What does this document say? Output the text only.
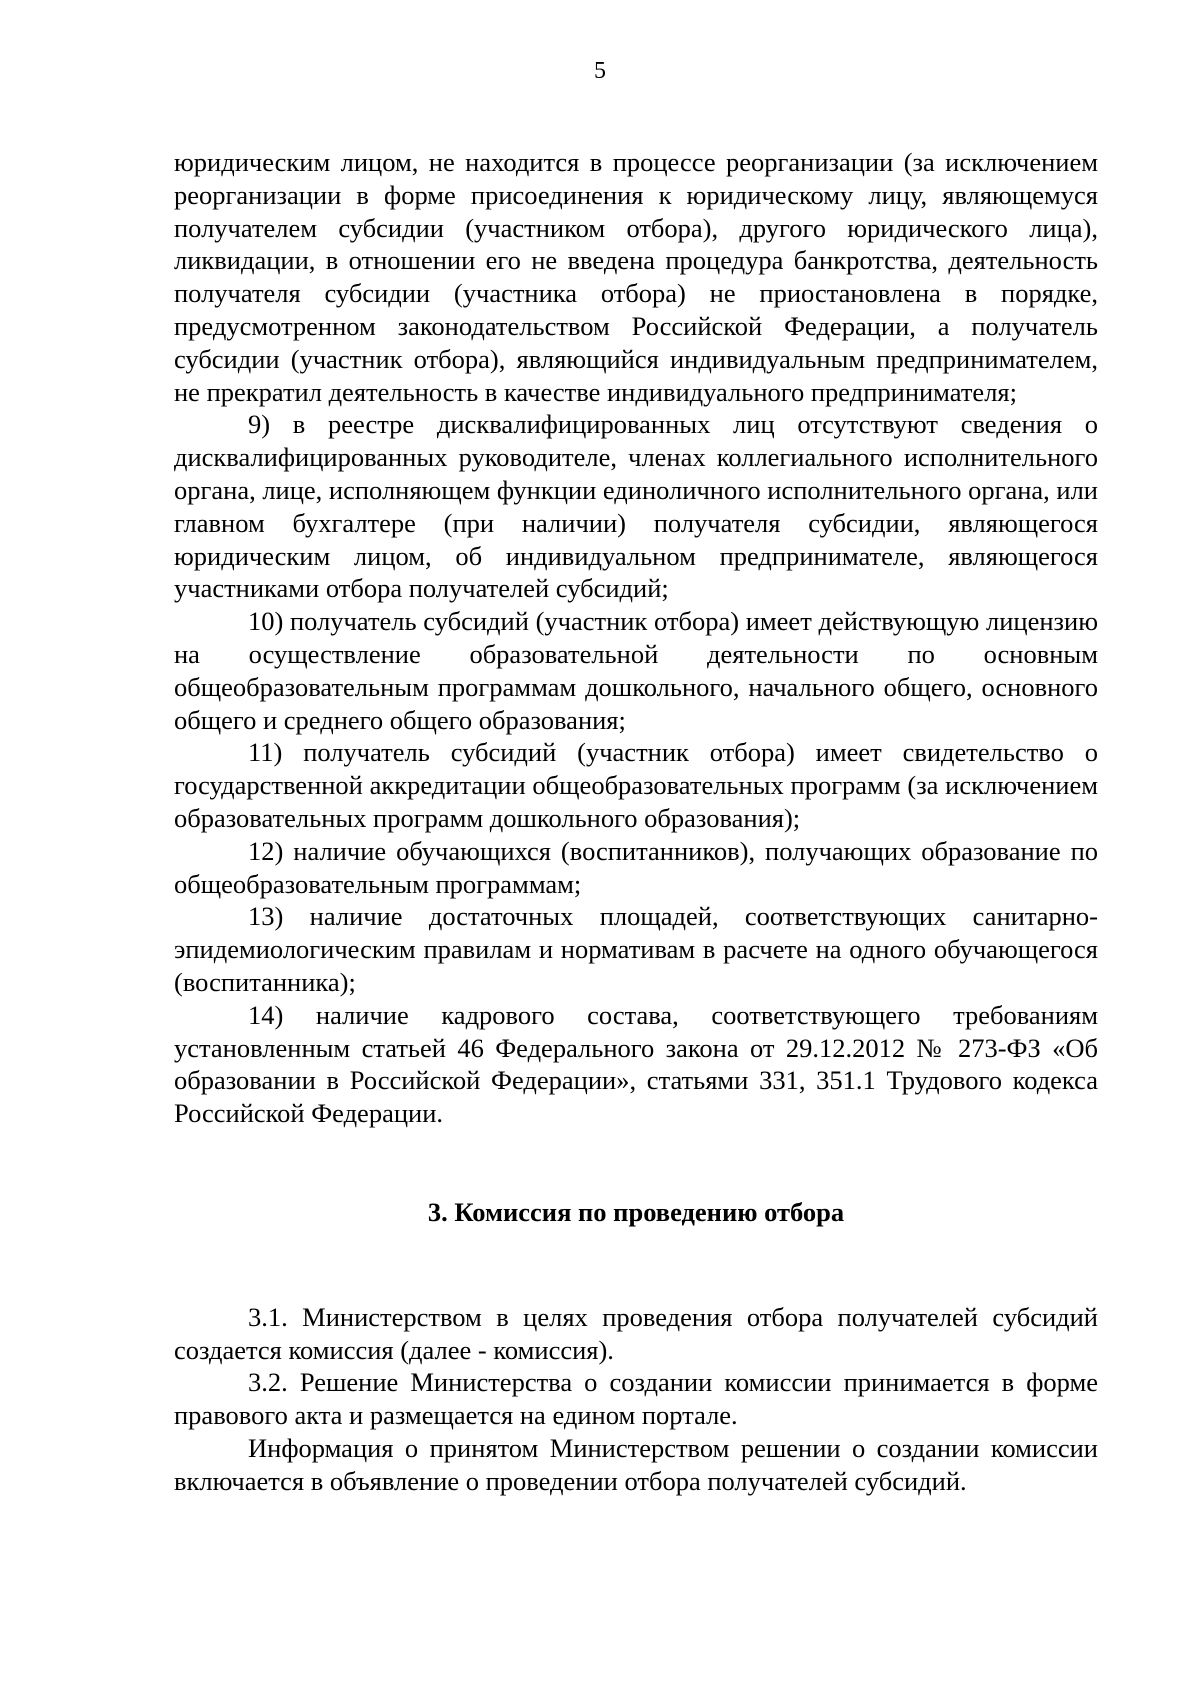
5

юридическим лицом, не находится в процессе реорганизации (за исключением реорганизации в форме присоединения к юридическому лицу, являющемуся получателем субсидии (участником отбора), другого юридического лица), ликвидации, в отношении его не введена процедура банкротства, деятельность получателя субсидии (участника отбора) не приостановлена в порядке, предусмотренном законодательством Российской Федерации, а получатель субсидии (участник отбора), являющийся индивидуальным предпринимателем, не прекратил деятельность в качестве индивидуального предпринимателя;

9) в реестре дисквалифицированных лиц отсутствуют сведения о дисквалифицированных руководителе, членах коллегиального исполнительного органа, лице, исполняющем функции единоличного исполнительного органа, или главном бухгалтере (при наличии) получателя субсидии, являющегося юридическим лицом, об индивидуальном предпринимателе, являющегося участниками отбора получателей субсидий;

10) получатель субсидий (участник отбора) имеет действующую лицензию на осуществление образовательной деятельности по основным общеобразовательным программам дошкольного, начального общего, основного общего и среднего общего образования;

11) получатель субсидий (участник отбора) имеет свидетельство о государственной аккредитации общеобразовательных программ (за исключением образовательных программ дошкольного образования);

12) наличие обучающихся (воспитанников), получающих образование по общеобразовательным программам;

13) наличие достаточных площадей, соответствующих санитарно-эпидемиологическим правилам и нормативам в расчете на одного обучающегося (воспитанника);

14) наличие кадрового состава, соответствующего требованиям установленным статьей 46 Федерального закона от 29.12.2012 № 273-ФЗ «Об образовании в Российской Федерации», статьями 331, 351.1 Трудового кодекса Российской Федерации.

3. Комиссия по проведению отбора

3.1. Министерством в целях проведения отбора получателей субсидий создается комиссия (далее - комиссия).

3.2. Решение Министерства о создании комиссии принимается в форме правового акта и размещается на едином портале.

Информация о принятом Министерством решении о создании комиссии включается в объявление о проведении отбора получателей субсидий.
